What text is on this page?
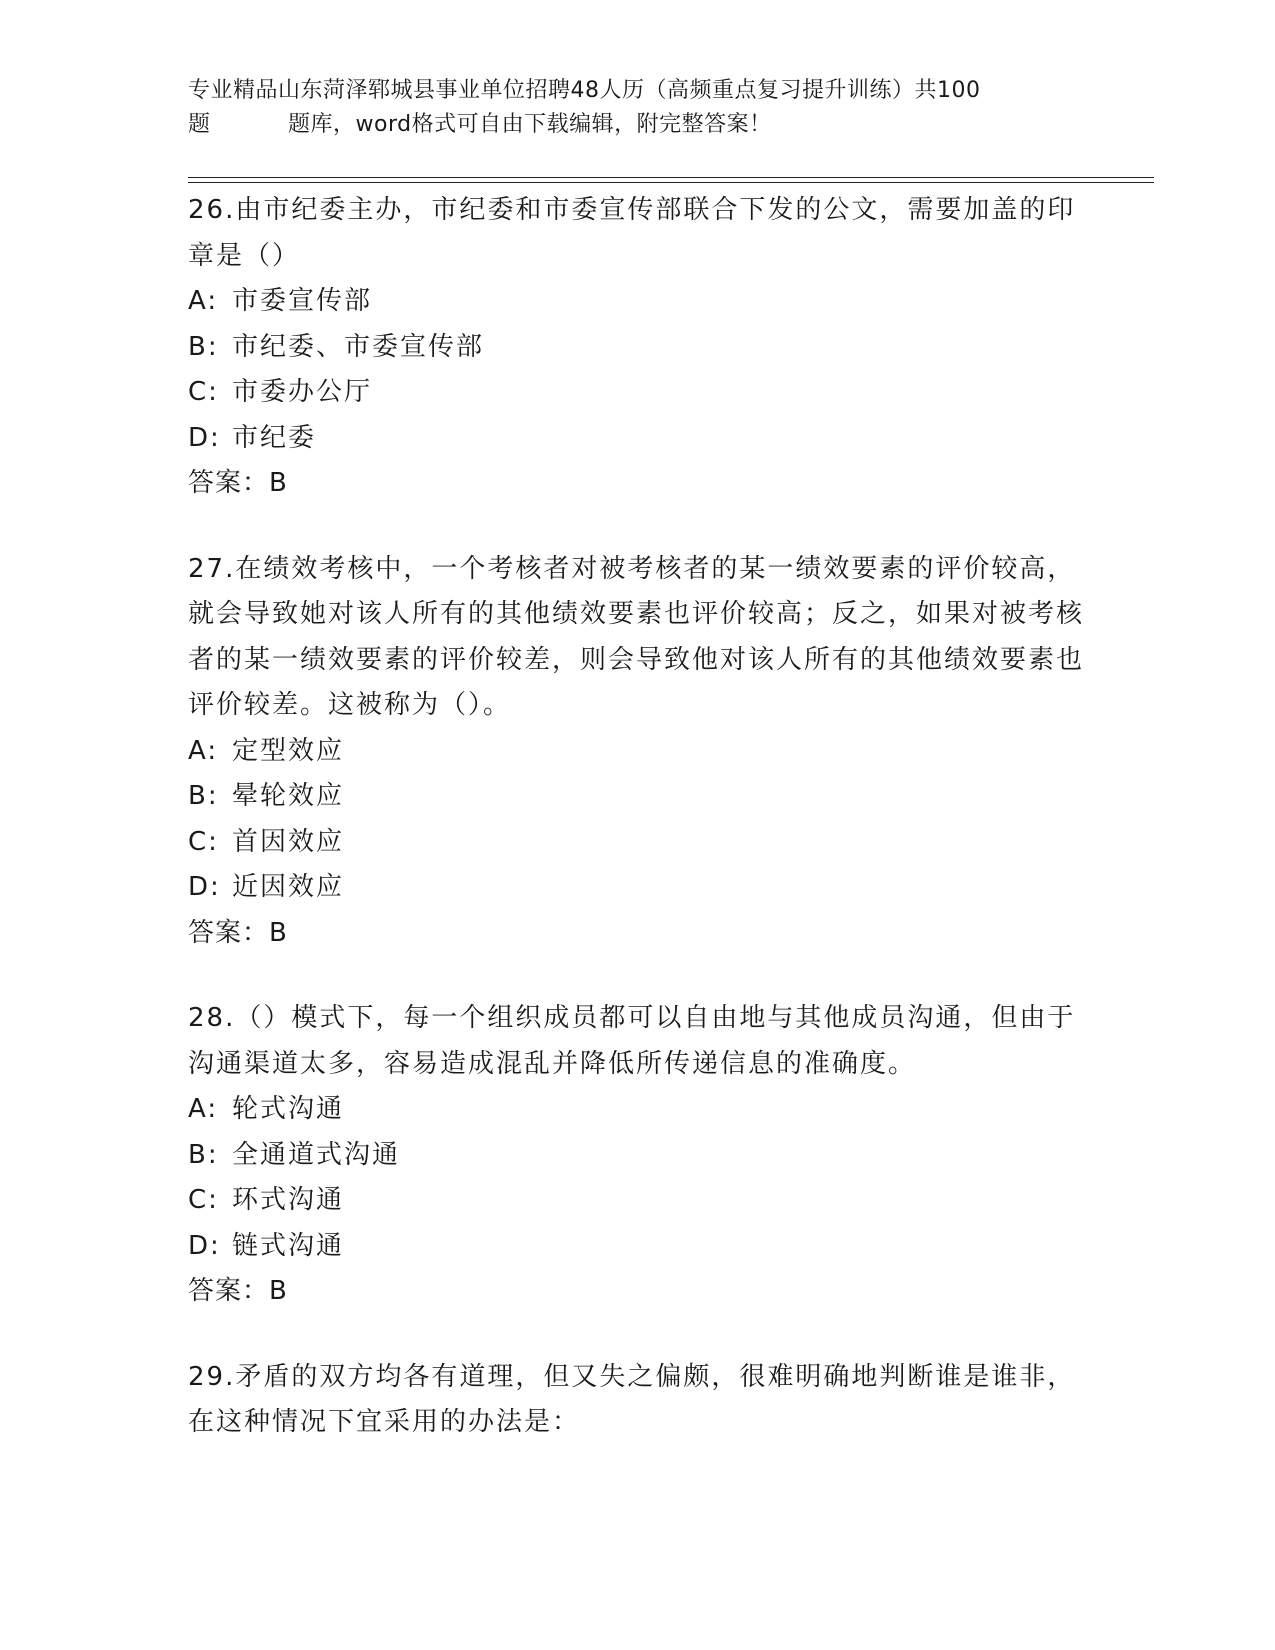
专业精品山东菏泽郓城县事业单位招聘48人历（高频重点复习提升训练）共100
题	题库，word格式可自由下载编辑，附完整答案！
26.由市纪委主办，市纪委和市委宣传部联合下发的公文，需要加盖的印章是（）
A: 市委宣传部
B: 市纪委、市委宣传部
C: 市委办公厅
D: 市纪委
答案：B
27.在绩效考核中，一个考核者对被考核者的某一绩效要素的评价较高，就会导致她对该人所有的其他绩效要素也评价较高；反之，如果对被考核者的某一绩效要素的评价较差，则会导致他对该人所有的其他绩效要素也评价较差。这被称为（）。
A: 定型效应
B: 晕轮效应
C: 首因效应
D: 近因效应
答案：B
28.（）模式下，每一个组织成员都可以自由地与其他成员沟通，但由于沟通渠道太多，容易造成混乱并降低所传递信息的准确度。
A: 轮式沟通
B: 全通道式沟通
C: 环式沟通
D: 链式沟通
答案：B
29.矛盾的双方均各有道理，但又失之偏颇，很难明确地判断谁是谁非，在这种情况下宜采用的办法是：
